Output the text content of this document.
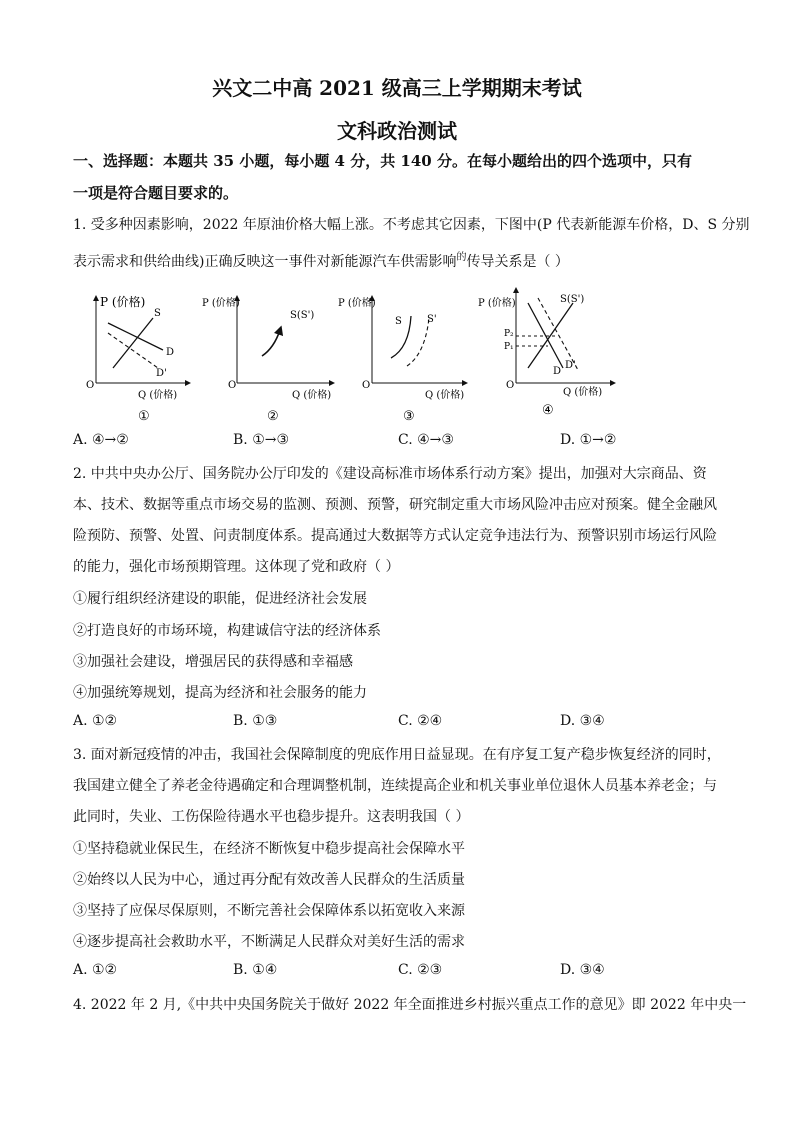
兴文二中高 2021 级高三上学期期末考试
文科政治测试
一、选择题：本题共 35 小题，每小题 4 分，共 140 分。在每小题给出的四个选项中，只有
一项是符合题目要求的。
1. 受多种因素影响，2022 年原油价格大幅上涨。不考虑其它因素，下图中(P 代表新能源车价格，D、S 分别
表示需求和供给曲线)正确反映这一事件对新能源汽车供需影响$^的$传导关系是（ ）
P (价格)
O
Q (价格)
S
D
D'
①
P (价格)
O
Q (价格)
S(S')
②
P (价格)
O
Q (价格)
S	S'
③
P (价格)
O
Q (价格)
P₂
P₁
S(S')
D
D'
④
A. ④→②	B. ①→③	C. ④→③	D. ①→②
2. 中共中央办公厅、国务院办公厅印发的《建设高标准市场体系行动方案》提出，加强对大宗商品、资
本、技术、数据等重点市场交易的监测、预测、预警，研究制定重大市场风险冲击应对预案。健全金融风
险预防、预警、处置、问责制度体系。提高通过大数据等方式认定竞争违法行为、预警识别市场运行风险
的能力，强化市场预期管理。这体现了党和政府（ ）
①履行组织经济建设的职能，促进经济社会发展
②打造良好的市场环境，构建诚信守法的经济体系
③加强社会建设，增强居民的获得感和幸福感
④加强统筹规划，提高为经济和社会服务的能力
A. ①②	B. ①③	C. ②④	D. ③④
3. 面对新冠疫情的冲击，我国社会保障制度的兜底作用日益显现。在有序复工复产稳步恢复经济的同时，
我国建立健全了养老金待遇确定和合理调整机制，连续提高企业和机关事业单位退休人员基本养老金；与
此同时，失业、工伤保险待遇水平也稳步提升。这表明我国（ ）
①坚持稳就业保民生，在经济不断恢复中稳步提高社会保障水平
②始终以人民为中心，通过再分配有效改善人民群众的生活质量
③坚持了应保尽保原则，不断完善社会保障体系以拓宽收入来源
④逐步提高社会救助水平，不断满足人民群众对美好生活的需求
A. ①②	B. ①④	C. ②③	D. ③④
4. 2022 年 2 月,《中共中央国务院关于做好 2022 年全面推进乡村振兴重点工作的意见》即 2022 年中央一
